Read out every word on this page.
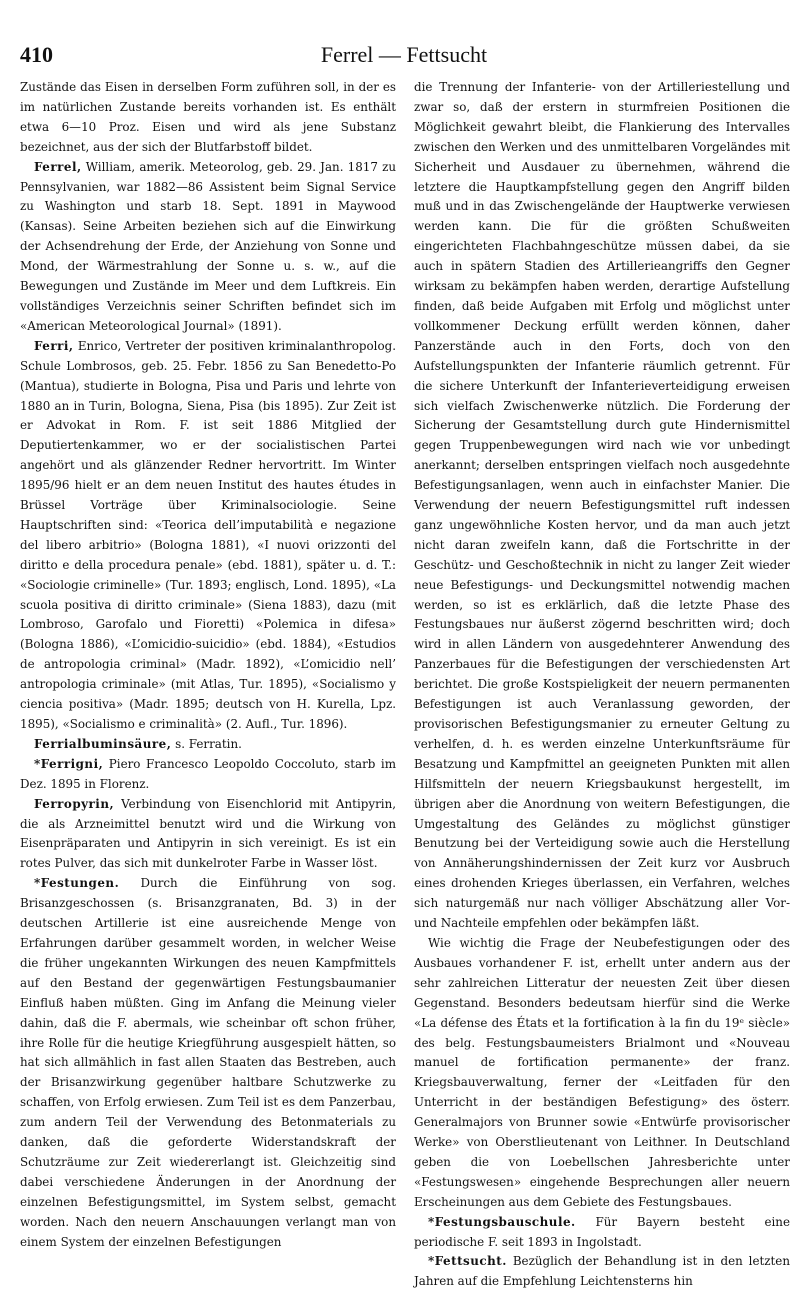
410	Ferrel — Fettsucht

Zustände das Eisen in derselben Form zuführen soll, in der es im natürlichen Zustande bereits vorhanden ist. Es enthält etwa 6—10 Proz. Eisen und wird als jene Substanz bezeichnet, aus der sich der Blutfarbstoff bildet.

Ferrel, William, amerik. Meteorolog, geb. 29. Jan. 1817 zu Pennsylvanien, war 1882—86 Assistent beim Signal Service zu Washington und starb 18. Sept. 1891 in Maywood (Kansas). Seine Arbeiten beziehen sich auf die Einwirkung der Achsendrehung der Erde, der Anziehung von Sonne und Mond, der Wärmestrahlung der Sonne u. s. w., auf die Bewegungen und Zustände im Meer und dem Luftkreis. Ein vollständiges Verzeichnis seiner Schriften befindet sich im «American Meteorological Journal» (1891).

Ferri, Enrico, Vertreter der positiven kriminalanthropolog. Schule Lombrosos, geb. 25. Febr. 1856 zu San Benedetto-Po (Mantua), studierte in Bologna, Pisa und Paris und lehrte von 1880 an in Turin, Bologna, Siena, Pisa (bis 1895). Zur Zeit ist er Advokat in Rom. F. ist seit 1886 Mitglied der Deputiertenkammer, wo er der socialistischen Partei angehört und als glänzender Redner hervortritt. Im Winter 1895/96 hielt er an dem neuen Institut des hautes études in Brüssel Vorträge über Kriminalsociologie. Seine Hauptschriften sind: «Teorica dell’imputabilità e negazione del libero arbitrio» (Bologna 1881), «I nuovi orizzonti del diritto e della procedura penale» (ebd. 1881), später u. d. T.: «Sociologie criminelle» (Tur. 1893; englisch, Lond. 1895), «La scuola positiva di diritto criminale» (Siena 1883), dazu (mit Lombroso, Garofalo und Fioretti) «Polemica in difesa» (Bologna 1886), «L’omicidio-suicidio» (ebd. 1884), «Estudios de antropologia criminal» (Madr. 1892), «L’omicidio nell’ antropologia criminale» (mit Atlas, Tur. 1895), «Socialismo y ciencia positiva» (Madr. 1895; deutsch von H. Kurella, Lpz. 1895), «Socialismo e criminalità» (2. Aufl., Tur. 1896).

Ferrialbuminsäure, s. Ferratin.

*Ferrigni, Piero Francesco Leopoldo Coccoluto, starb im Dez. 1895 in Florenz.

Ferropyrin, Verbindung von Eisenchlorid mit Antipyrin, die als Arzneimittel benutzt wird und die Wirkung von Eisenpräparaten und Antipyrin in sich vereinigt. Es ist ein rotes Pulver, das sich mit dunkelroter Farbe in Wasser löst.

*Festungen. Durch die Einführung von sog. Brisanzgeschossen (s. Brisanzgranaten, Bd. 3) in der deutschen Artillerie ist eine ausreichende Menge von Erfahrungen darüber gesammelt worden, in welcher Weise die früher ungekannten Wirkungen des neuen Kampfmittels auf den Bestand der gegenwärtigen Festungsbaumanier Einfluß haben müßten. Ging im Anfang die Meinung vieler dahin, daß die F. abermals, wie scheinbar oft schon früher, ihre Rolle für die heutige Kriegführung ausgespielt hätten, so hat sich allmählich in fast allen Staaten das Bestreben, auch der Brisanzwirkung gegenüber haltbare Schutzwerke zu schaffen, von Erfolg erwiesen. Zum Teil ist es dem Panzerbau, zum andern Teil der Verwendung des Betonmaterials zu danken, daß die geforderte Widerstandskraft der Schutzräume zur Zeit wiedererlangt ist. Gleichzeitig sind dabei verschiedene Änderungen in der Anordnung der einzelnen Befestigungsmittel, im System selbst, gemacht worden. Nach den neuern Anschauungen verlangt man von einem System der einzelnen Befestigungen

die Trennung der Infanterie- von der Artilleriestellung und zwar so, daß der erstern in sturmfreien Positionen die Möglichkeit gewahrt bleibt, die Flankierung des Intervalles zwischen den Werken und des unmittelbaren Vorgeländes mit Sicherheit und Ausdauer zu übernehmen, während die letztere die Hauptkampfstellung gegen den Angriff bilden muß und in das Zwischengelände der Hauptwerke verwiesen werden kann. Die für die größten Schußweiten eingerichteten Flachbahngeschütze müssen dabei, da sie auch in spätern Stadien des Artillerieangriffs den Gegner wirksam zu bekämpfen haben werden, derartige Aufstellung finden, daß beide Aufgaben mit Erfolg und möglichst unter vollkommener Deckung erfüllt werden können, daher Panzerstände auch in den Forts, doch von den Aufstellungspunkten der Infanterie räumlich getrennt. Für die sichere Unterkunft der Infanterieverteidigung erweisen sich vielfach Zwischenwerke nützlich. Die Forderung der Sicherung der Gesamtstellung durch gute Hindernismittel gegen Truppenbewegungen wird nach wie vor unbedingt anerkannt; derselben entspringen vielfach noch ausgedehnte Befestigungsanlagen, wenn auch in einfachster Manier. Die Verwendung der neuern Befestigungsmittel ruft indessen ganz ungewöhnliche Kosten hervor, und da man auch jetzt nicht daran zweifeln kann, daß die Fortschritte in der Geschütz- und Geschoßtechnik in nicht zu langer Zeit wieder neue Befestigungs- und Deckungsmittel notwendig machen werden, so ist es erklärlich, daß die letzte Phase des Festungsbaues nur äußerst zögernd beschritten wird; doch wird in allen Ländern von ausgedehnterer Anwendung des Panzerbaues für die Befestigungen der verschiedensten Art berichtet. Die große Kostspieligkeit der neuern permanenten Befestigungen ist auch Veranlassung geworden, der provisorischen Befestigungsmanier zu erneuter Geltung zu verhelfen, d. h. es werden einzelne Unterkunftsräume für Besatzung und Kampfmittel an geeigneten Punkten mit allen Hilfsmitteln der neuern Kriegsbaukunst hergestellt, im übrigen aber die Anordnung von weitern Befestigungen, die Umgestaltung des Geländes zu möglichst günstiger Benutzung bei der Verteidigung sowie auch die Herstellung von Annäherungshindernissen der Zeit kurz vor Ausbruch eines drohenden Krieges überlassen, ein Verfahren, welches sich naturgemäß nur nach völliger Abschätzung aller Vor- und Nachteile empfehlen oder bekämpfen läßt.

Wie wichtig die Frage der Neubefestigungen oder des Ausbaues vorhandener F. ist, erhellt unter andern aus der sehr zahlreichen Litteratur der neuesten Zeit über diesen Gegenstand. Besonders bedeutsam hierfür sind die Werke «La défense des États et la fortification à la fin du 19ᵉ siècle» des belg. Festungsbaumeisters Brialmont und «Nouveau manuel de fortification permanente» der franz. Kriegsbauverwaltung, ferner der «Leitfaden für den Unterricht in der beständigen Befestigung» des österr. Generalmajors von Brunner sowie «Entwürfe provisorischer Werke» von Oberstlieutenant von Leithner. In Deutschland geben die von Loebellschen Jahresberichte unter «Festungswesen» eingehende Besprechungen aller neuern Erscheinungen aus dem Gebiete des Festungsbaues.

*Festungsbauschule. Für Bayern besteht eine periodische F. seit 1893 in Ingolstadt.

*Fettsucht. Bezüglich der Behandlung ist in den letzten Jahren auf die Empfehlung Leichtensterns hin
